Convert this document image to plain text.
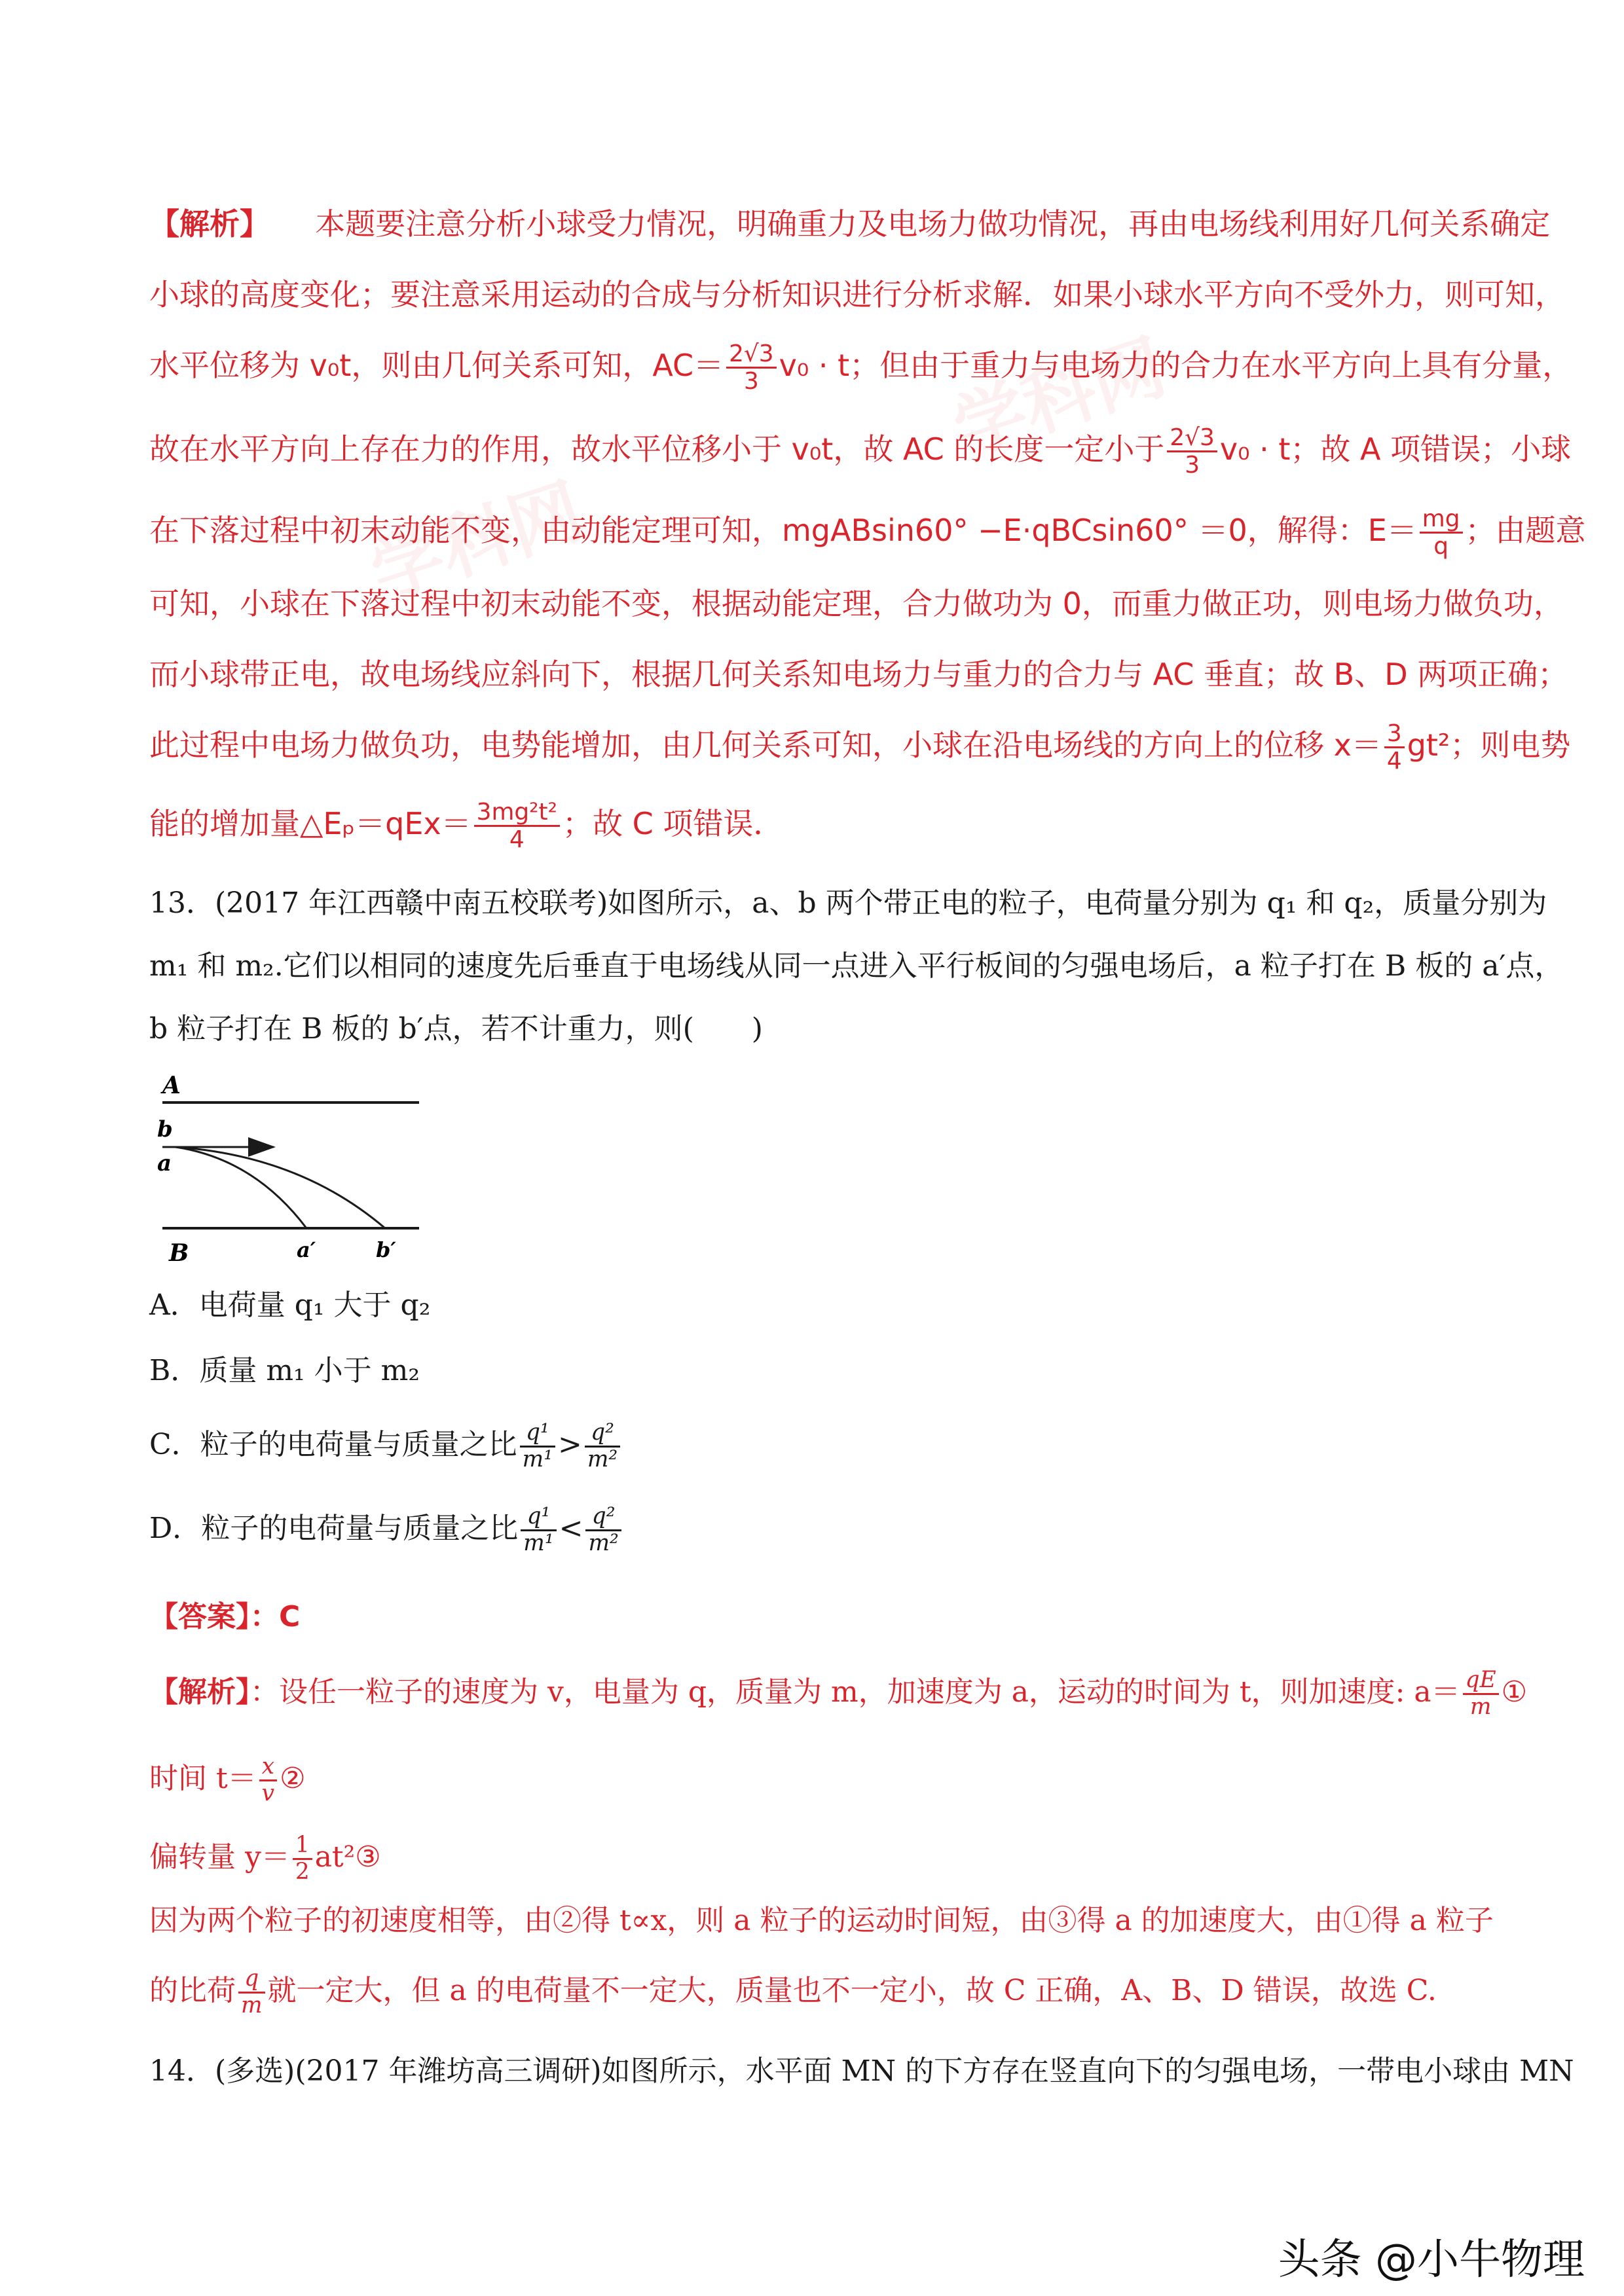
学科网
学科网
【解析】 本题要注意分析小球受力情况，明确重力及电场力做功情况，再由电场线利用好几何关系确定
小球的高度变化；要注意采用运动的合成与分析知识进行分析求解．如果小球水平方向不受外力，则可知，
水平位移为 v₀t，则由几何关系可知，$AC= \frac{2√3}{3} v_0 \cdot t$；但由于重力与电场力的合力在水平方向上具有分量，
故在水平方向上存在力的作用，故水平位移小于 v₀t，故 AC 的长度一定小于 $\frac{2√3}{3} v_0 \cdot t$；故 A 项错误；小球
在下落过程中初末动能不变，由动能定理可知，mgABsin60° −E·qBCsin60° ＝0，解得：$E= \frac{mg}{q}$ ；由题意
可知，小球在下落过程中初末动能不变，根据动能定理，合力做功为 0，而重力做正功，则电场力做负功，
而小球带正电，故电场线应斜向下，根据几何关系知电场力与重力的合力与 AC 垂直；故 B、D 两项正确；
此过程中电场力做负功，电势能增加，由几何关系可知，小球在沿电场线的方向上的位移 $x= \frac{3}{4} gt^2$；则电势
能的增加量△Eₚ＝qEx＝ $\frac{\text{3mg²t²}}{4}$ ；故 C 项错误．
13．(2017 年江西赣中南五校联考)如图所示，a、b 两个带正电的粒子，电荷量分别为 q₁ 和 q₂，质量分别为
m₁ 和 m₂.它们以相同的速度先后垂直于电场线从同一点进入平行板间的匀强电场后，a 粒子打在 B 板的 a′点，
b 粒子打在 B 板的 b′点，若不计重力，则(　　)
A
b
a
B	a′	b′
A．电荷量 q₁ 大于 q₂
B．质量 m₁ 小于 m₂
C．粒子的电荷量与质量之比 $\frac{\text{q¹}}{\text{m¹}} > \frac{\text{q²}}{\text{m²}}$
D．粒子的电荷量与质量之比 $\frac{\text{q¹}}{\text{m¹}} < \frac{\text{q²}}{\text{m²}}$
【答案】：C
【解析】：设任一粒子的速度为 v，电量为 q，质量为 m，加速度为 a，运动的时间为 t，则加速度: $a= \frac{qE}{m}$ ①
时间 $t= \frac{x}{v}$ ②
偏转量 $y= \frac{1}{2}$ at²③
因为两个粒子的初速度相等，由②得 t∝x，则 a 粒子的运动时间短，由③得 a 的加速度大，由①得 a 粒子
的比荷 $\frac{q}{m}$ 就一定大，但 a 的电荷量不一定大，质量也不一定小，故 C 正确，A、B、D 错误，故选 C.
14．(多选)(2017 年潍坊高三调研)如图所示，水平面 MN 的下方存在竖直向下的匀强电场，一带电小球由 MN
头条 @小牛物理
